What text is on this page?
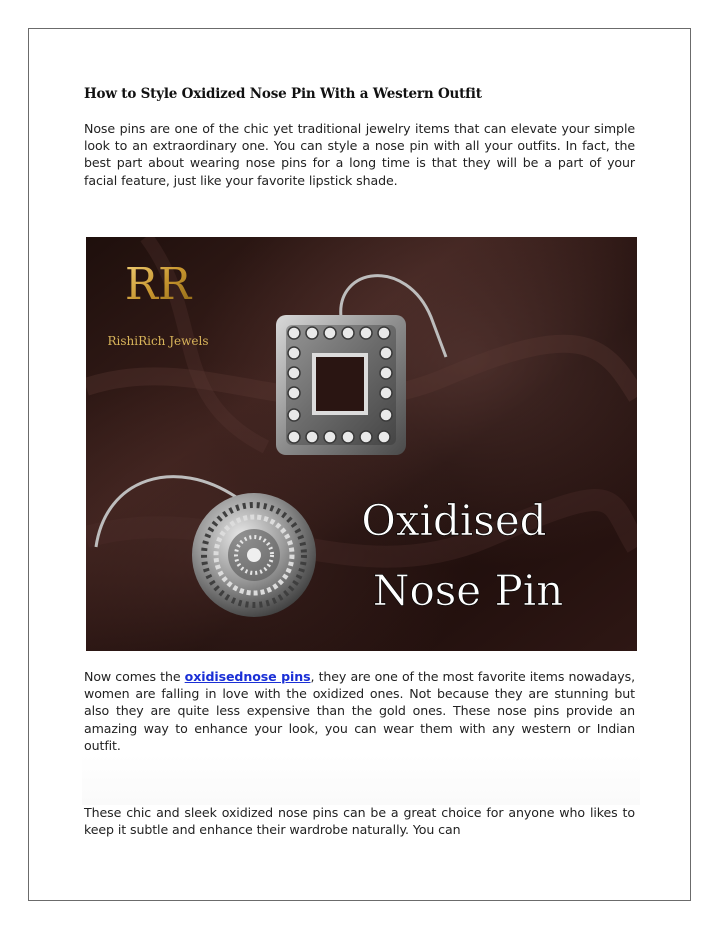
How to Style Oxidized Nose Pin With a Western Outfit
Nose pins are one of the chic yet traditional jewelry items that can elevate your simple look to an extraordinary one. You can style a nose pin with all your outfits. In fact, the best part about wearing nose pins for a long time is that they will be a part of your facial feature, just like your favorite lipstick shade.
RR
RishiRich Jewels
Oxidised
Nose Pin
Now comes the oxidisednose pins, they are one of the most favorite items nowadays, women are falling in love with the oxidized ones. Not because they are stunning but also they are quite less expensive than the gold ones. These nose pins provide an amazing way to enhance your look, you can wear them with any western or Indian outfit.
These chic and sleek oxidized nose pins can be a great choice for anyone who likes to keep it subtle and enhance their wardrobe naturally. You can
